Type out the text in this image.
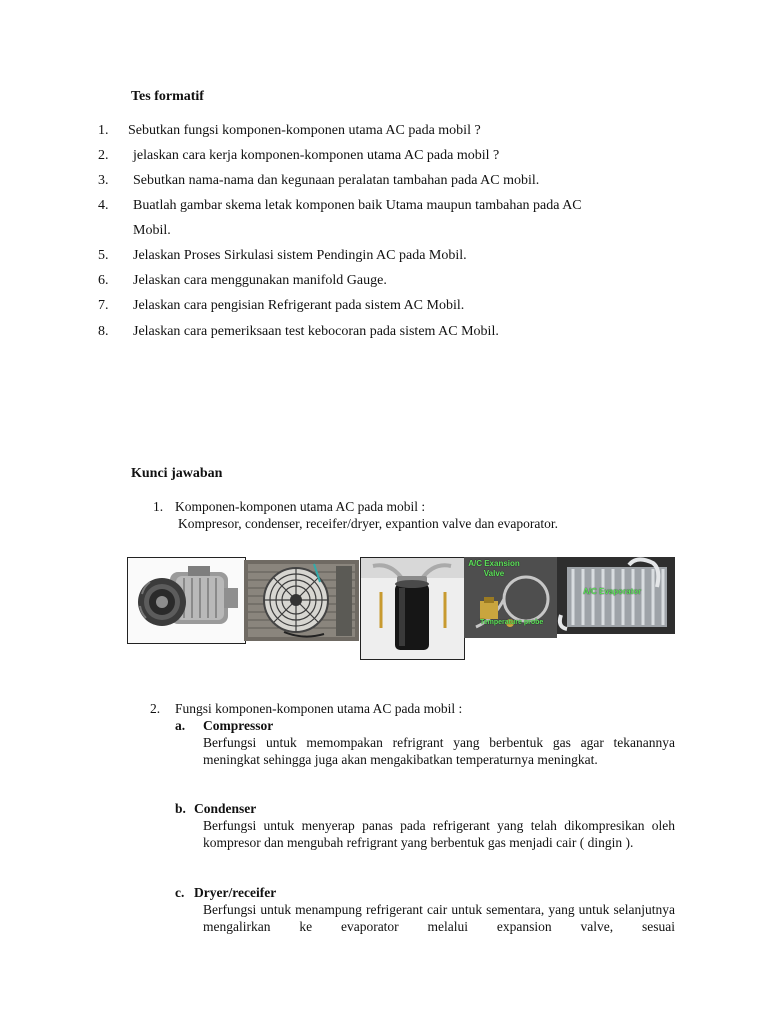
Tes formatif
1. Sebutkan fungsi komponen-komponen utama AC pada mobil ?
2. jelaskan cara kerja komponen-komponen utama AC pada mobil ?
3. Sebutkan nama-nama dan kegunaan peralatan tambahan pada AC mobil.
4. Buatlah gambar skema letak komponen baik Utama maupun tambahan pada AC
Mobil.
5. Jelaskan Proses Sirkulasi sistem Pendingin AC pada Mobil.
6. Jelaskan cara menggunakan manifold Gauge.
7. Jelaskan cara pengisian Refrigerant pada sistem AC Mobil.
8. Jelaskan cara pemeriksaan test kebocoran pada sistem AC Mobil.
Kunci jawaban
1. Komponen-komponen utama AC pada mobil :
Kompresor, condenser, receifer/dryer, expantion valve dan evaporator.
A/C Exansion
Valve
Temperature probe
A/C Evaporator
2. Fungsi komponen-komponen utama AC pada mobil :
a. Compressor
Berfungsi untuk memompakan refrigrant yang berbentuk gas agar tekanannya meningkat sehingga juga akan mengakibatkan temperaturnya meningkat.
b. Condenser
Berfungsi untuk menyerap panas pada refrigerant yang telah dikompresikan oleh kompresor dan mengubah refrigrant yang berbentuk gas menjadi cair ( dingin ).
c. Dryer/receifer
Berfungsi untuk menampung refrigerant cair untuk sementara, yang untuk selanjutnya mengalirkan ke evaporator melalui expansion valve, sesuai
